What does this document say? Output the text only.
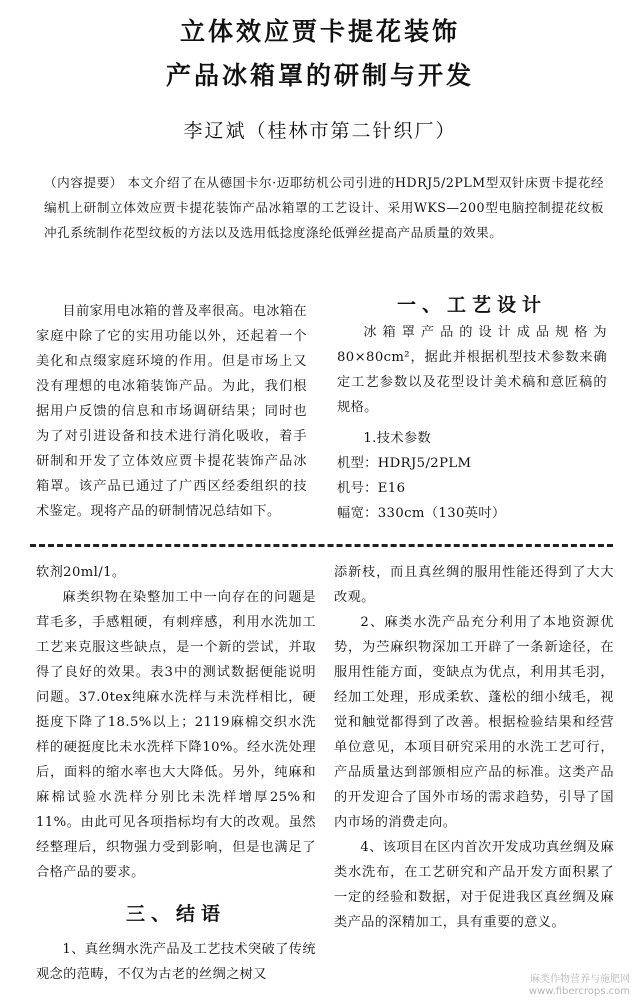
立体效应贾卡提花装饰
产品冰箱罩的研制与开发
李辽斌（桂林市第二针织厂）
（内容提要） 本文介绍了在从德国卡尔·迈耶纺机公司引进的HDRJ5/2PLM型双针床贾卡提花经编机上研制立体效应贾卡提花装饰产品冰箱罩的工艺设计、采用WKS—200型电脑控制提花纹板冲孔系统制作花型纹板的方法以及选用低捻度涤纶低弹丝提高产品质量的效果。

目前家用电冰箱的普及率很高。电冰箱在家庭中除了它的实用功能以外，还起着一个美化和点缀家庭环境的作用。但是市场上又没有理想的电冰箱装饰产品。为此，我们根据用户反馈的信息和市场调研结果；同时也为了对引进设备和技术进行消化吸收，着手研制和开发了立体效应贾卡提花装饰产品冰箱罩。该产品已通过了广西区经委组织的技术鉴定。现将产品的研制情况总结如下。

一、工艺设计

冰箱罩产品的设计成品规格为80×80cm²，据此并根据机型技术参数来确定工艺参数以及花型设计美术稿和意匠稿的规格。

1.技术参数

机型：HDRJ5/2PLM

机号：E16

幅宽：330cm（130英吋）

软剂20ml/1。

麻类织物在染整加工中一向存在的问题是茸毛多，手感粗硬，有刺痒感，利用水洗加工工艺来克服这些缺点，是一个新的尝试，并取得了良好的效果。表3中的测试数据便能说明问题。37.0tex纯麻水洗样与未洗样相比，硬挺度下降了18.5%以上；2119麻棉交织水洗样的硬挺度比未水洗样下降10%。经水洗处理后，面料的缩水率也大大降低。另外，纯麻和麻棉试验水洗样分别比未洗样增厚25%和11%。由此可见各项指标均有大的改观。虽然经整理后，织物强力受到影响，但是也满足了合格产品的要求。

三、结语

1、真丝绸水洗产品及工艺技术突破了传统观念的范畴，不仅为古老的丝绸之树又

添新枝，而且真丝绸的服用性能还得到了大大改观。

2、麻类水洗产品充分利用了本地资源优势，为苎麻织物深加工开辟了一条新途径，在服用性能方面，变缺点为优点，利用其毛羽，经加工处理，形成柔软、蓬松的细小绒毛，视觉和触觉都得到了改善。根据检验结果和经营单位意见，本项目研究采用的水洗工艺可行，产品质量达到部颁相应产品的标准。这类产品的开发迎合了国外市场的需求趋势，引导了国内市场的消费走向。

4、该项目在区内首次开发成功真丝绸及麻类水洗布，在工艺研究和产品开发方面积累了一定的经验和数据，对于促进我区真丝绸及麻类产品的深精加工，具有重要的意义。

麻类作物营养与施肥网
www.fibercrops.com
